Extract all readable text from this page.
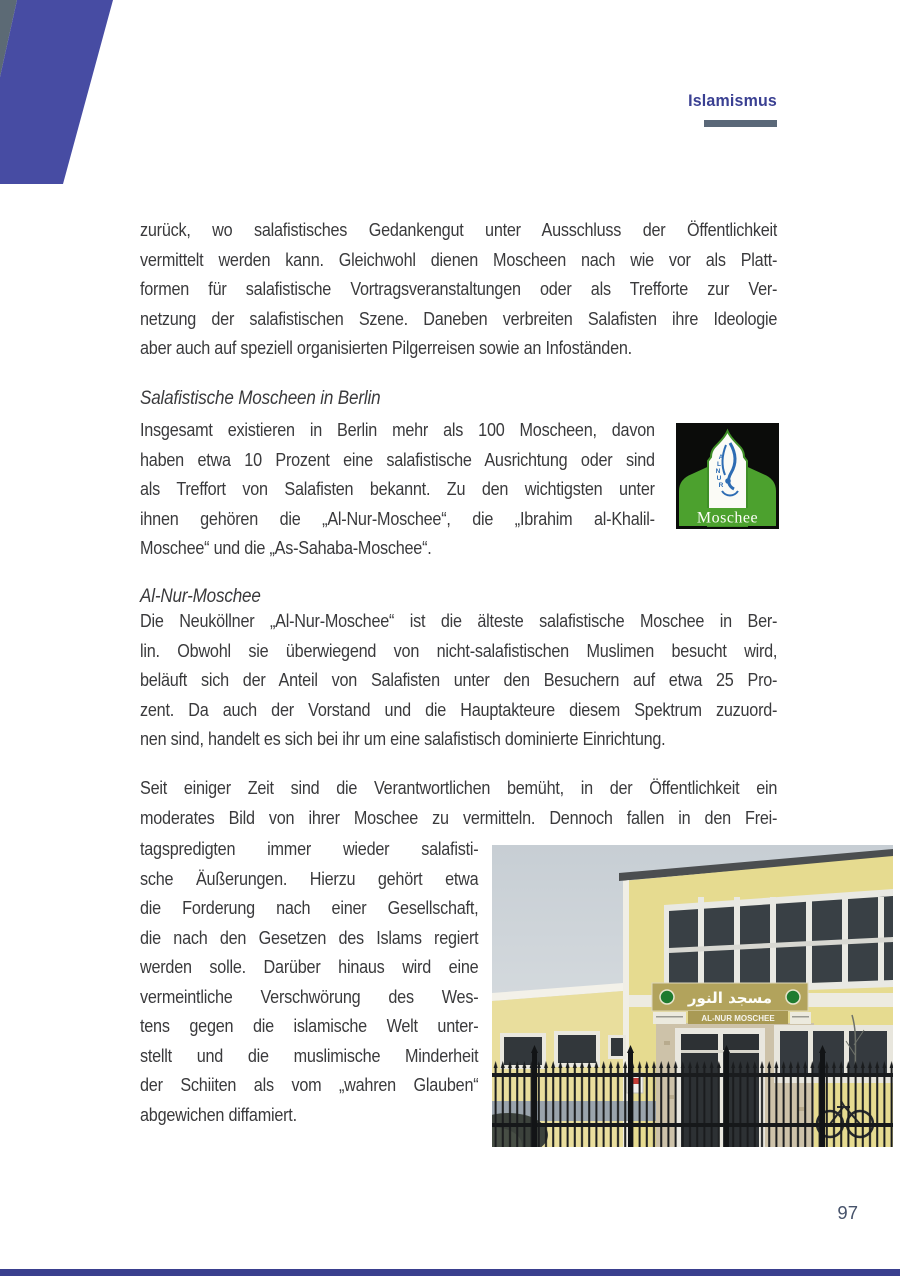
Islamismus
zurück, wo salafistisches Gedankengut unter Ausschluss der Öffentlichkeit
vermittelt werden kann. Gleichwohl dienen Moscheen nach wie vor als Platt-
formen für salafistische Vortragsveranstaltungen oder als Trefforte zur Ver-
netzung der salafistischen Szene. Daneben verbreiten Salafisten ihre Ideologie
aber auch auf speziell organisierten Pilgerreisen sowie an Infoständen.
Salafistische Moscheen in Berlin
Insgesamt existieren in Berlin mehr als 100 Moscheen, davon
haben etwa 10 Prozent eine salafistische Ausrichtung oder sind
als Treffort von Salafisten bekannt. Zu den wichtigsten unter
ihnen gehören die „Al-Nur-Moschee“, die „Ibrahim al-Khalil-
Moschee“ und die „As-Sahaba-Moschee“.
A
L
N
U
R
Moschee
Al-Nur-Moschee
Die Neuköllner „Al-Nur-Moschee“ ist die älteste salafistische Moschee in Ber-
lin. Obwohl sie überwiegend von nicht-salafistischen Muslimen besucht wird,
beläuft sich der Anteil von Salafisten unter den Besuchern auf etwa 25 Pro-
zent. Da auch der Vorstand und die Hauptakteure diesem Spektrum zuzuord-
nen sind, handelt es sich bei ihr um eine salafistisch dominierte Einrichtung.
Seit einiger Zeit sind die Verantwortlichen bemüht, in der Öffentlichkeit ein
moderates Bild von ihrer Moschee zu vermitteln. Dennoch fallen in den Frei-
tagspredigten immer wieder salafisti-
sche Äußerungen. Hierzu gehört etwa
die Forderung nach einer Gesellschaft,
die nach den Gesetzen des Islams regiert
werden solle. Darüber hinaus wird eine
vermeintliche Verschwörung des Wes-
tens gegen die islamische Welt unter-
stellt und die muslimische Minderheit
der Schiiten als vom „wahren Glauben“
abgewichen diffamiert.
مسجد النور
AL-NUR MOSCHEE
97
